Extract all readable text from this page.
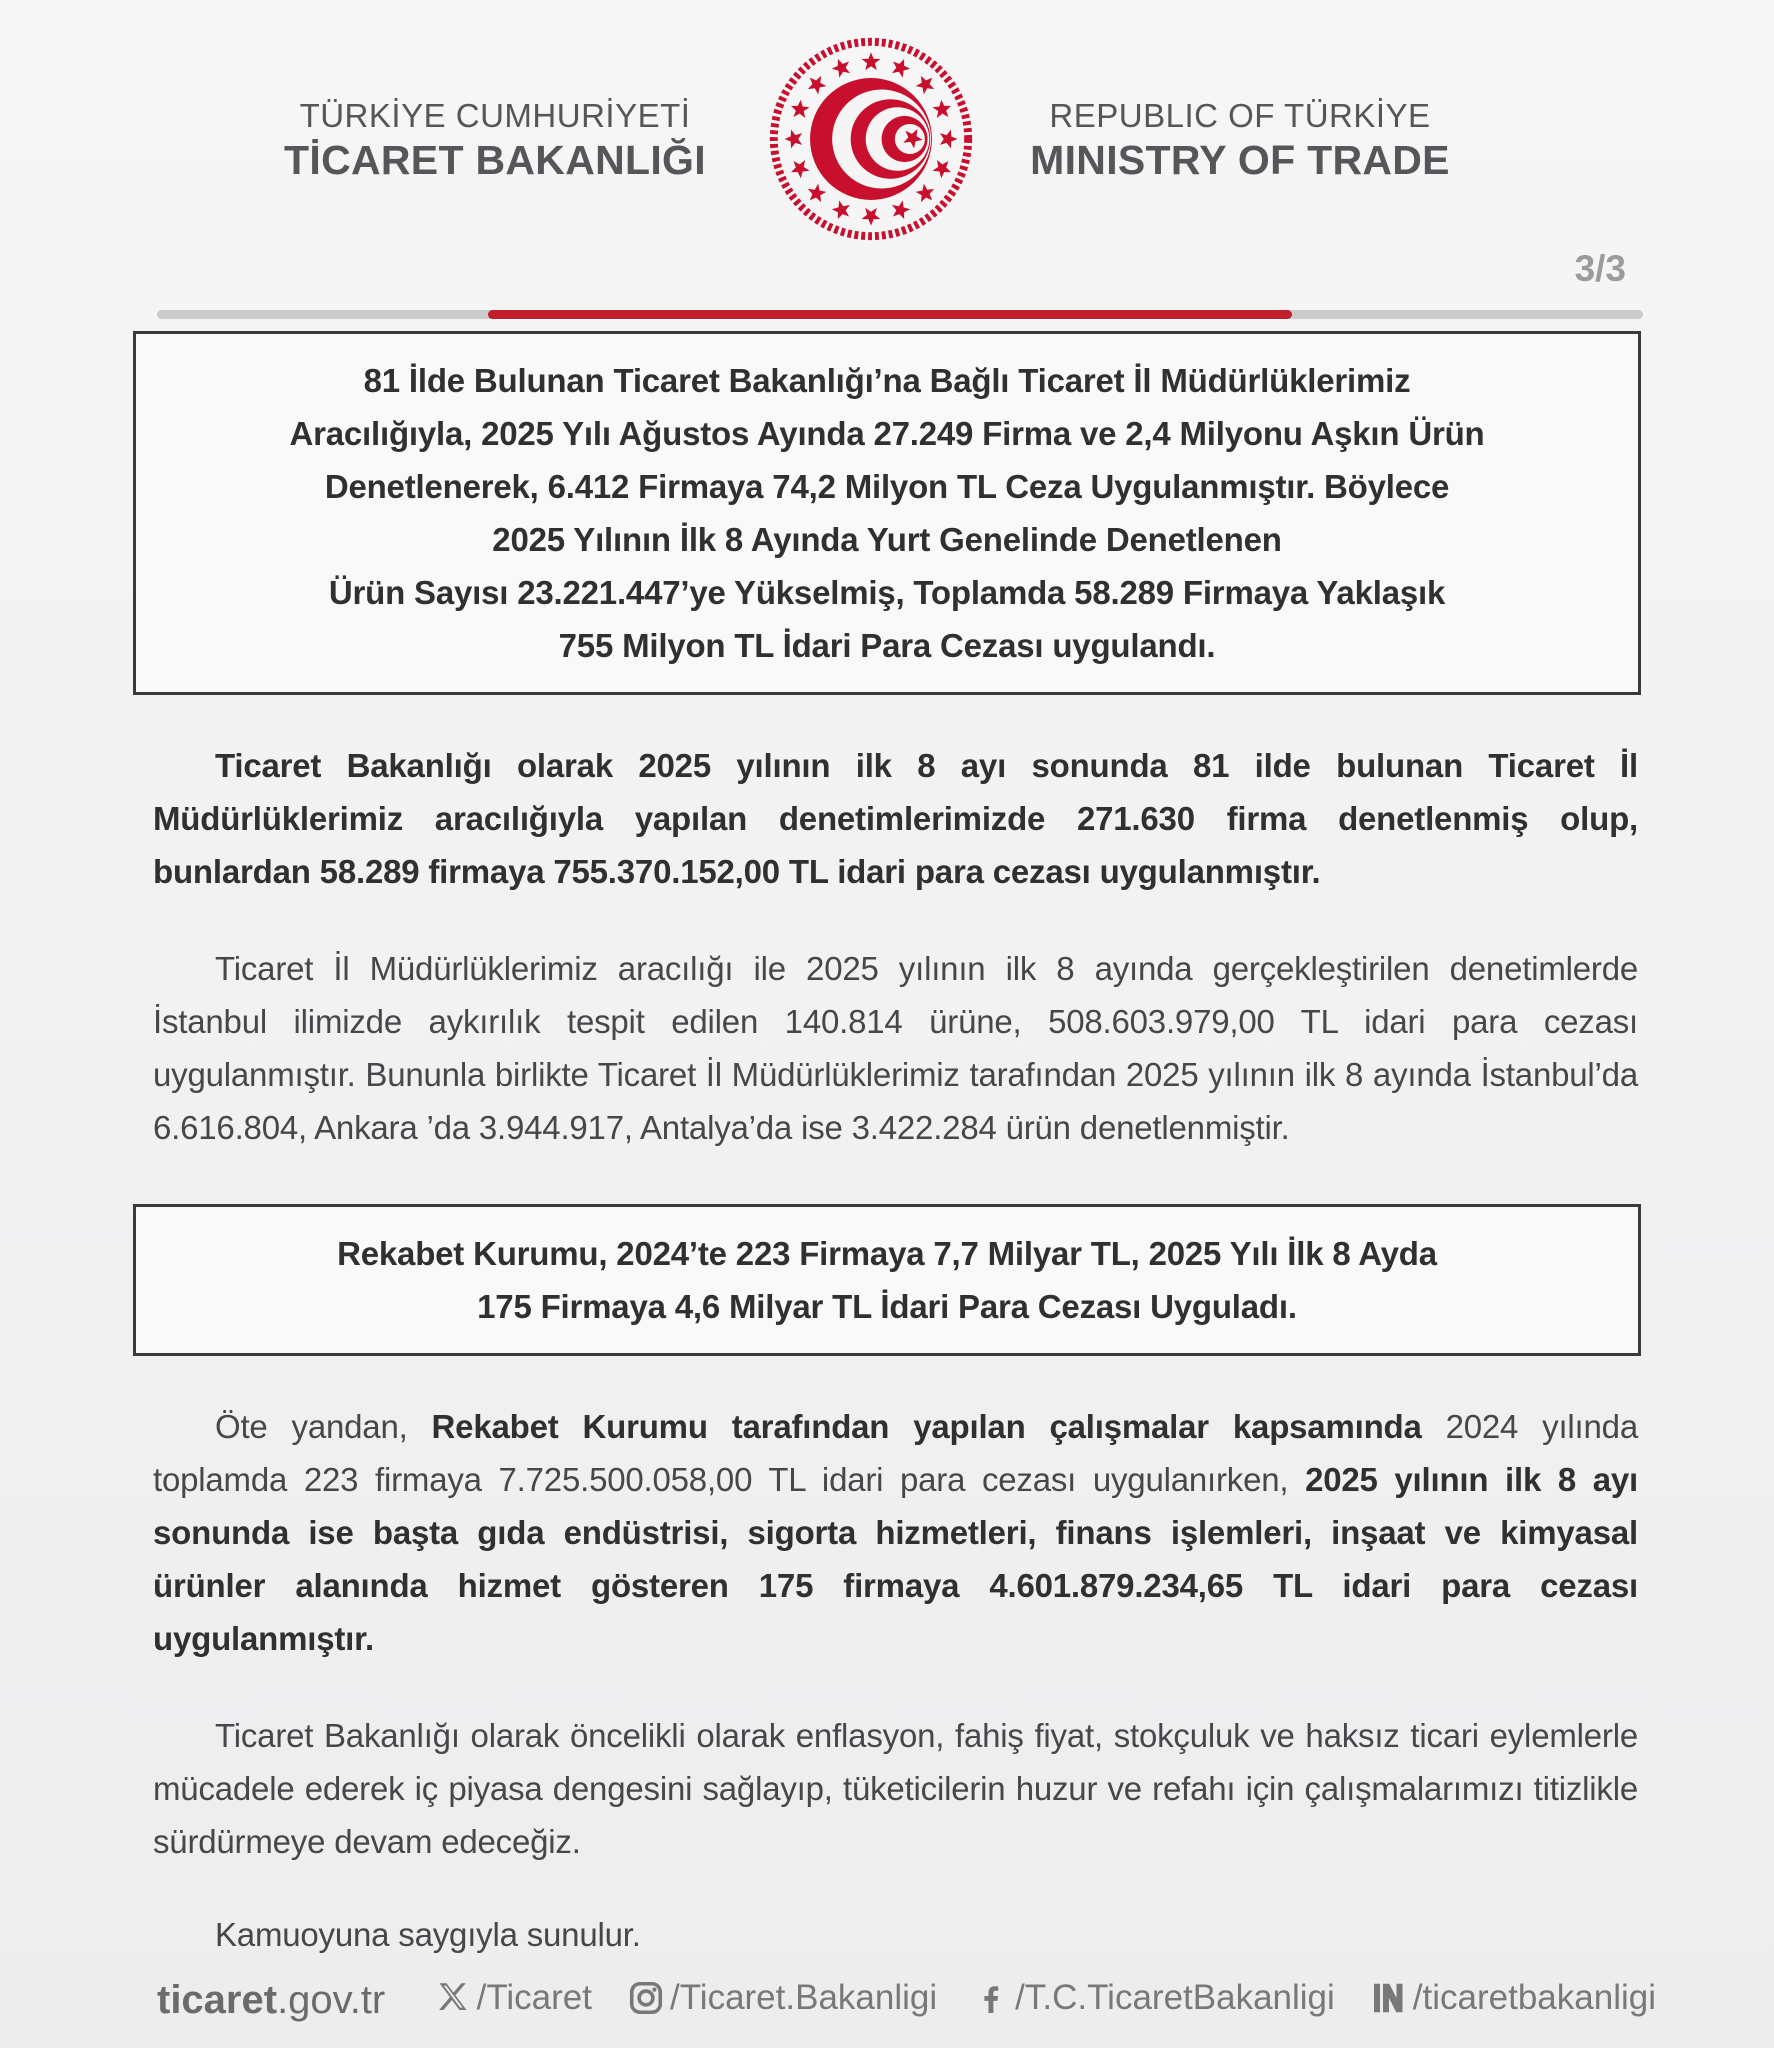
TÜRKİYE CUMHURİYETİ
TİCARET BAKANLIĞI
REPUBLIC OF TÜRKİYE
MINISTRY OF TRADE
3/3
81 İlde Bulunan Ticaret Bakanlığı’na Bağlı Ticaret İl Müdürlüklerimiz
Aracılığıyla, 2025 Yılı Ağustos Ayında 27.249 Firma ve 2,4 Milyonu Aşkın Ürün
Denetlenerek, 6.412 Firmaya 74,2 Milyon TL Ceza Uygulanmıştır. Böylece
2025 Yılının İlk 8 Ayında Yurt Genelinde Denetlenen
Ürün Sayısı 23.221.447’ye Yükselmiş, Toplamda 58.289 Firmaya Yaklaşık
755 Milyon TL İdari Para Cezası uygulandı.
Ticaret Bakanlığı olarak 2025 yılının ilk 8 ayı sonunda 81 ilde bulunan Ticaret İl Müdürlüklerimiz aracılığıyla yapılan denetimlerimizde 271.630 firma denetlenmiş olup, bunlardan 58.289 firmaya 755.370.152,00 TL idari para cezası uygulanmıştır.
Ticaret İl Müdürlüklerimiz aracılığı ile 2025 yılının ilk 8 ayında gerçekleştirilen denetimlerde İstanbul ilimizde aykırılık tespit edilen 140.814 ürüne, 508.603.979,00 TL idari para cezası uygulanmıştır. Bununla birlikte Ticaret İl Müdürlüklerimiz tarafından 2025 yılının ilk 8 ayında İstanbul’da 6.616.804, Ankara ’da 3.944.917, Antalya’da ise 3.422.284 ürün denetlenmiştir.
Rekabet Kurumu, 2024’te 223 Firmaya 7,7 Milyar TL, 2025 Yılı İlk 8 Ayda
175 Firmaya 4,6 Milyar TL İdari Para Cezası Uyguladı.
Öte yandan, Rekabet Kurumu tarafından yapılan çalışmalar kapsamında 2024 yılında toplamda 223 firmaya 7.725.500.058,00 TL idari para cezası uygulanırken, 2025 yılının ilk 8 ayı sonunda ise başta gıda endüstrisi, sigorta hizmetleri, finans işlemleri, inşaat ve kimyasal ürünler alanında hizmet gösteren 175 firmaya 4.601.879.234,65 TL idari para cezası uygulanmıştır.
Ticaret Bakanlığı olarak öncelikli olarak enflasyon, fahiş fiyat, stokçuluk ve haksız ticari eylemlerle mücadele ederek iç piyasa dengesini sağlayıp, tüketicilerin huzur ve refahı için çalışmalarımızı titizlikle sürdürmeye devam edeceğiz.
Kamuoyuna saygıyla sunulur.
ticaret.gov.tr	/Ticaret /Ticaret.Bakanligi /T.C.TicaretBakanligi /ticaretbakanligi
